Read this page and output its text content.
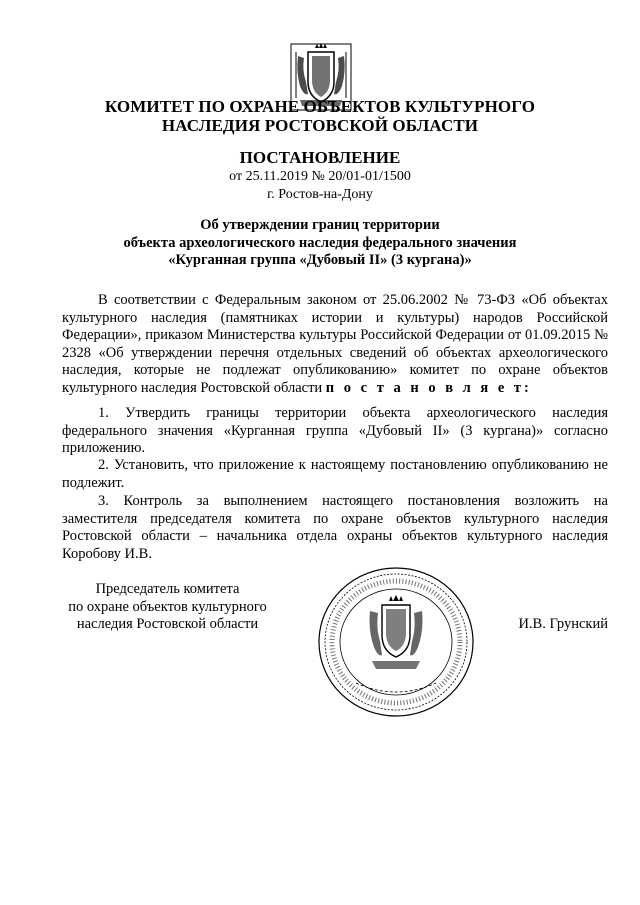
КОМИТЕТ ПО ОХРАНЕ ОБЪЕКТОВ КУЛЬТУРНОГО
НАСЛЕДИЯ РОСТОВСКОЙ ОБЛАСТИ
ПОСТАНОВЛЕНИЕ
от 25.11.2019 № 20/01-01/1500
г. Ростов-на-Дону
Об утверждении границ территории
объекта археологического наследия федерального значения
«Курганная группа «Дубовый II» (3 кургана)»
В соответствии с Федеральным законом от 25.06.2002 № 73-ФЗ «Об объектах культурного наследия (памятниках истории и культуры) народов Российской Федерации», приказом Министерства культуры Российской Федерации от 01.09.2015 № 2328 «Об утверждении перечня отдельных сведений об объектах археологического наследия, которые не подлежат опубликованию» комитет по охране объектов культурного наследия Ростовской области п о с т а н о в л я е т:
1. Утвердить границы территории объекта археологического наследия федерального значения «Курганная группа «Дубовый II» (3 кургана)» согласно приложению.
2. Установить, что приложение к настоящему постановлению опубликованию не подлежит.
3. Контроль за выполнением настоящего постановления возложить на заместителя председателя комитета по охране объектов культурного наследия Ростовской области – начальника отдела охраны объектов культурного наследия Коробову И.В.
Председатель комитета
по охране объектов культурного
наследия Ростовской области	И.В. Грунский
